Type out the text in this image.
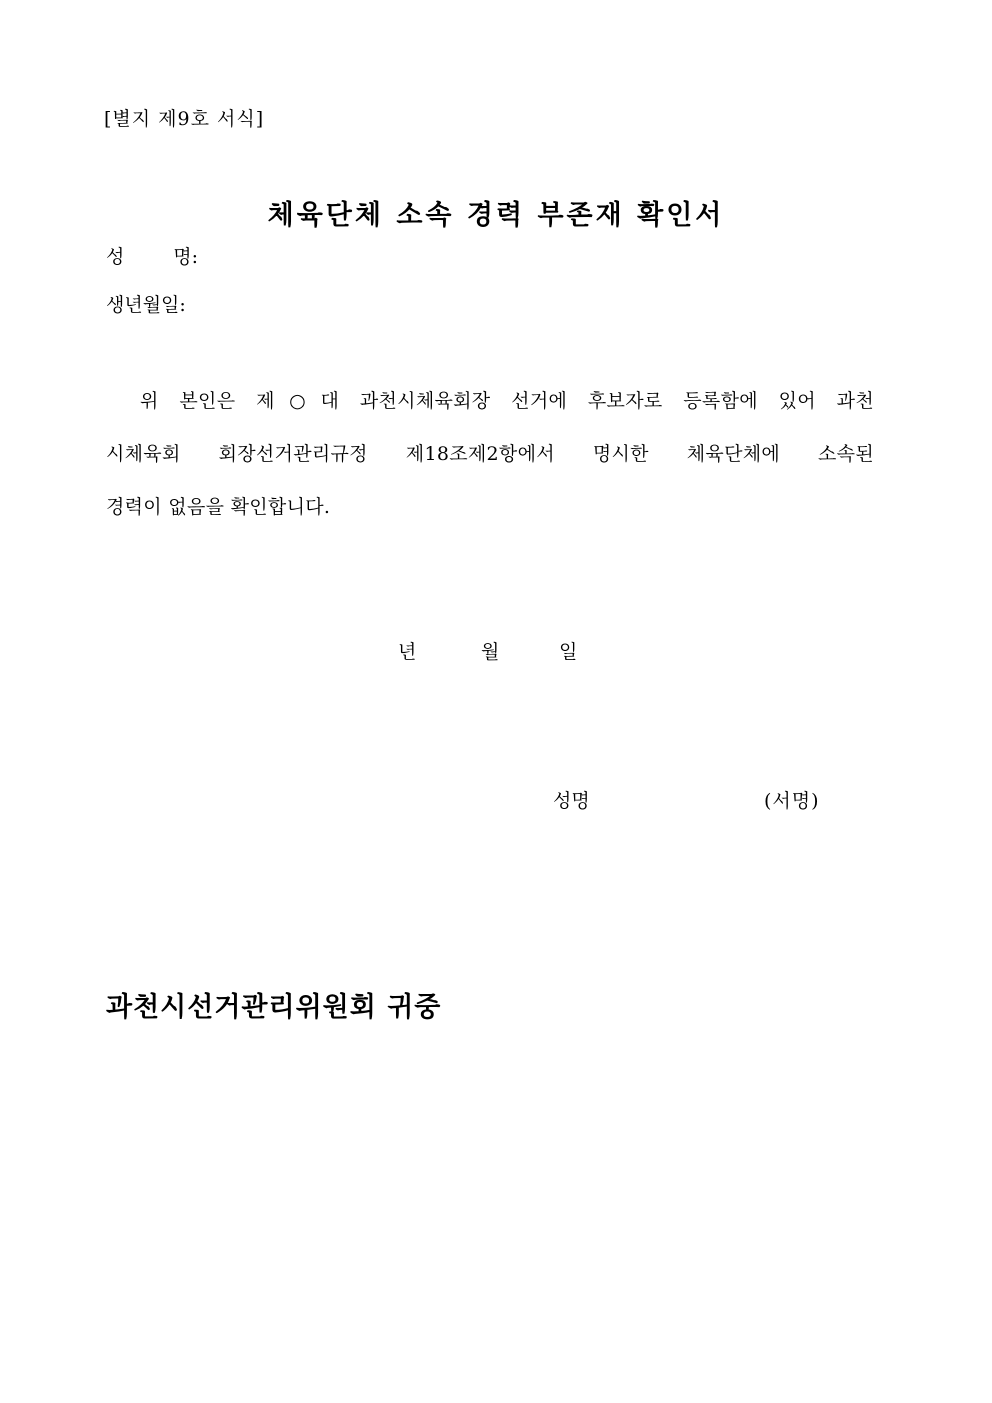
[별지 제9호 서식]
체육단체 소속 경력 부존재 확인서
성 명:
생년월일:
위 본인은 제○대 과천시체육회장 선거에 후보자로 등록함에 있어 과천
시체육회 회장선거관리규정 제18조제2항에서 명시한 체육단체에 소속된
경력이 없음을 확인합니다.
년	월	일
성명	(서명)
과천시선거관리위원회 귀중
